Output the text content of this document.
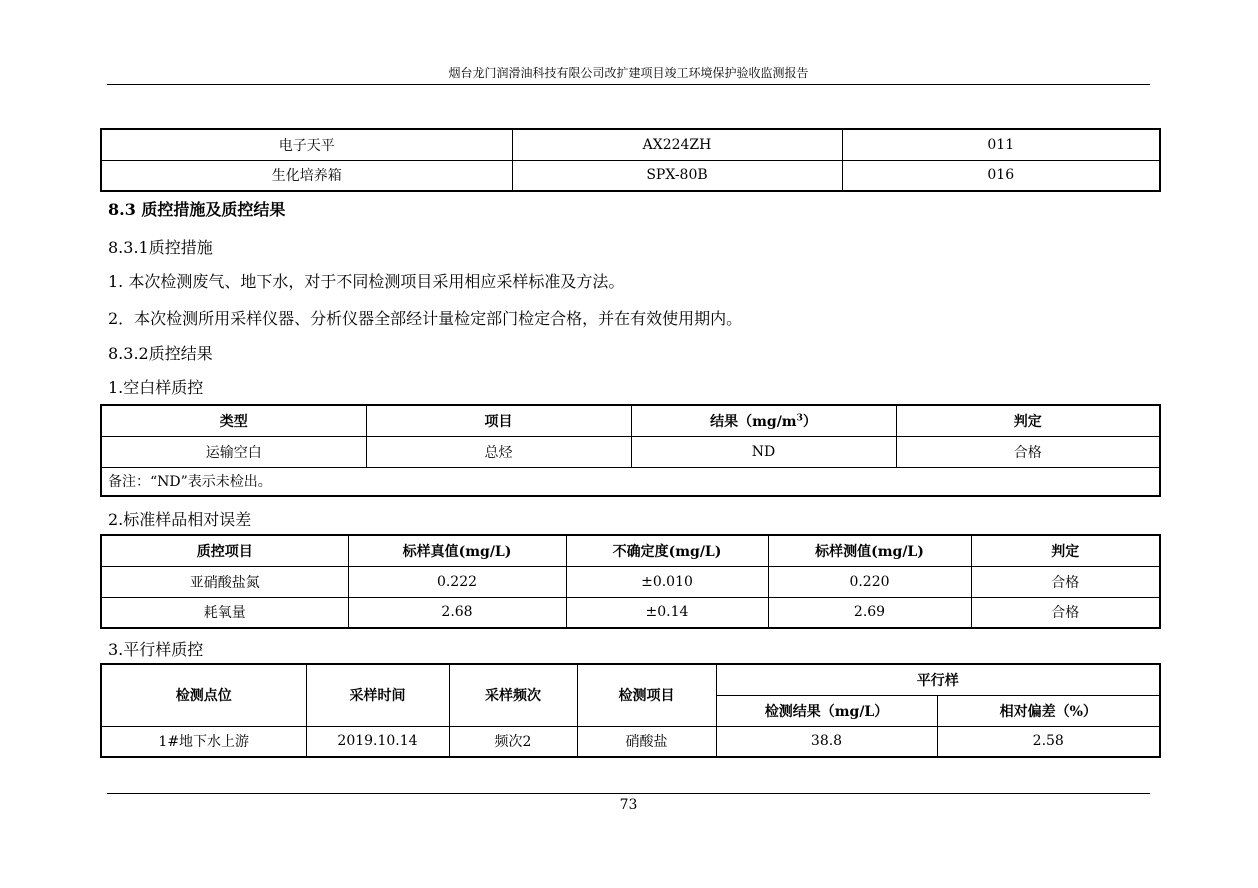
烟台龙门润滑油科技有限公司改扩建项目竣工环境保护验收监测报告
电子天平	AX224ZH	011
生化培养箱	SPX-80B	016
8.3 质控措施及质控结果
8.3.1质控措施
1. 本次检测废气、地下水，对于不同检测项目采用相应采样标准及方法。
2．本次检测所用采样仪器、分析仪器全部经计量检定部门检定合格，并在有效使用期内。
8.3.2质控结果
1.空白样质控
类型	项目	结果$(mg/m^3)$	判定
运输空白	总烃	ND	合格
备注：“ND”表示未检出。			
2.标准样品相对误差
质控项目	标样真值(mg/L)	不确定度(mg/L)	标样测值(mg/L)	判定
亚硝酸盐氮	0.222	±0.010	0.220	合格
耗氧量	2.68	±0.14	2.69	合格
3.平行样质控
检测点位	采样时间	采样频次	检测项目	平行样	
				检测结果（mg/L）	相对偏差（%）
1#地下水上游	2019.10.14	频次2	硝酸盐	38.8	2.58
73
